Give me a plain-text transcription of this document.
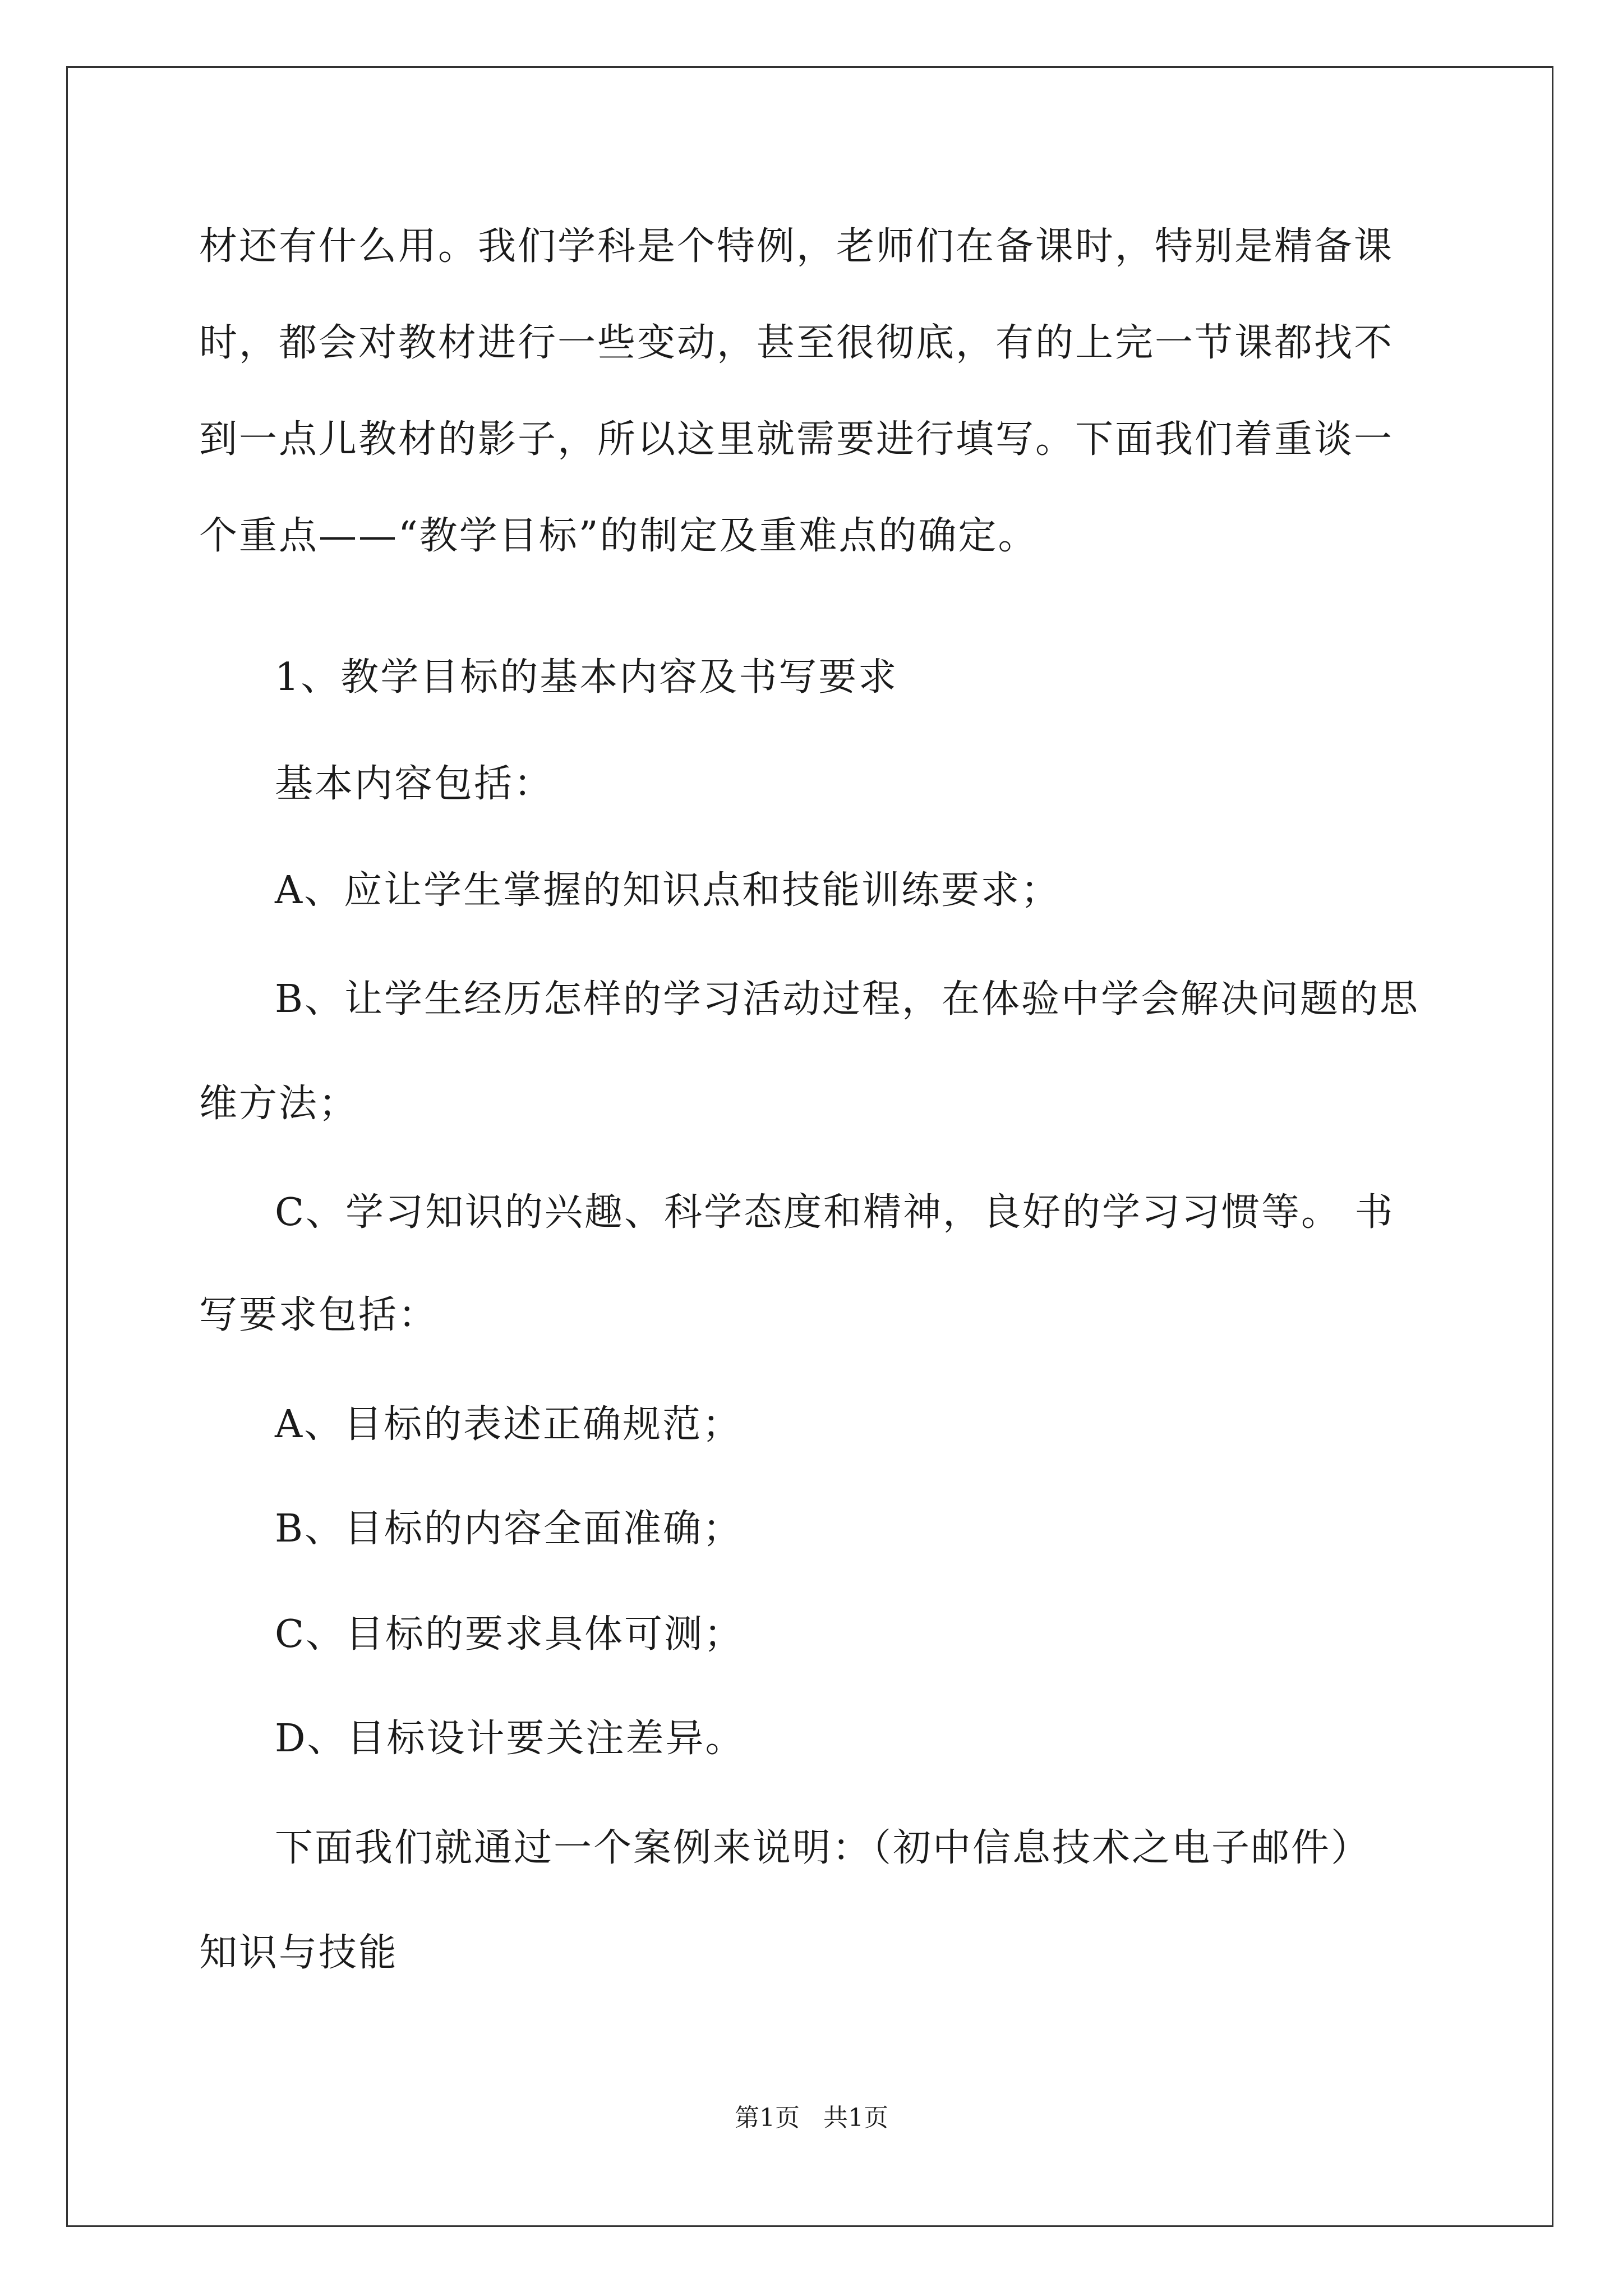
材还有什么用。我们学科是个特例，老师们在备课时，特别是精备课
时，都会对教材进行一些变动，甚至很彻底，有的上完一节课都找不
到一点儿教材的影子，所以这里就需要进行填写。下面我们着重谈一
个重点——“教学目标”的制定及重难点的确定。
1、教学目标的基本内容及书写要求
基本内容包括：
A、应让学生掌握的知识点和技能训练要求；
B、让学生经历怎样的学习活动过程，在体验中学会解决问题的思
维方法；
C、学习知识的兴趣、科学态度和精神，良好的学习习惯等。 书
写要求包括：
A、目标的表述正确规范；
B、目标的内容全面准确；
C、目标的要求具体可测；
D、目标设计要关注差异。
下面我们就通过一个案例来说明：（初中信息技术之电子邮件）
知识与技能
第1页   共1页
